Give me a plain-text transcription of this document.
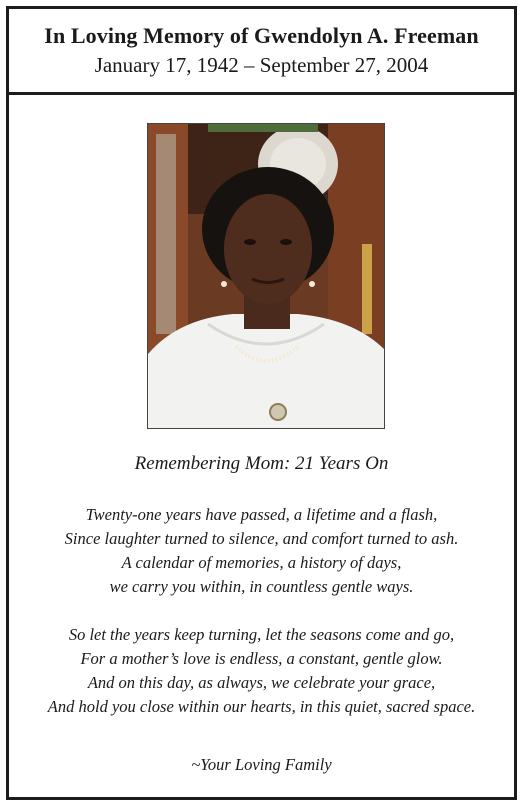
In Loving Memory of Gwendolyn A. Freeman
January 17, 1942 – September 27, 2004
Remembering Mom: 21 Years On
Twenty-one years have passed, a lifetime and a flash,
Since laughter turned to silence, and comfort turned to ash.
A calendar of memories, a history of days,
we carry you within, in countless gentle ways.
So let the years keep turning, let the seasons come and go,
For a mother’s love is endless, a constant, gentle glow.
And on this day, as always, we celebrate your grace,
And hold you close within our hearts, in this quiet, sacred space.
~Your Loving Family
